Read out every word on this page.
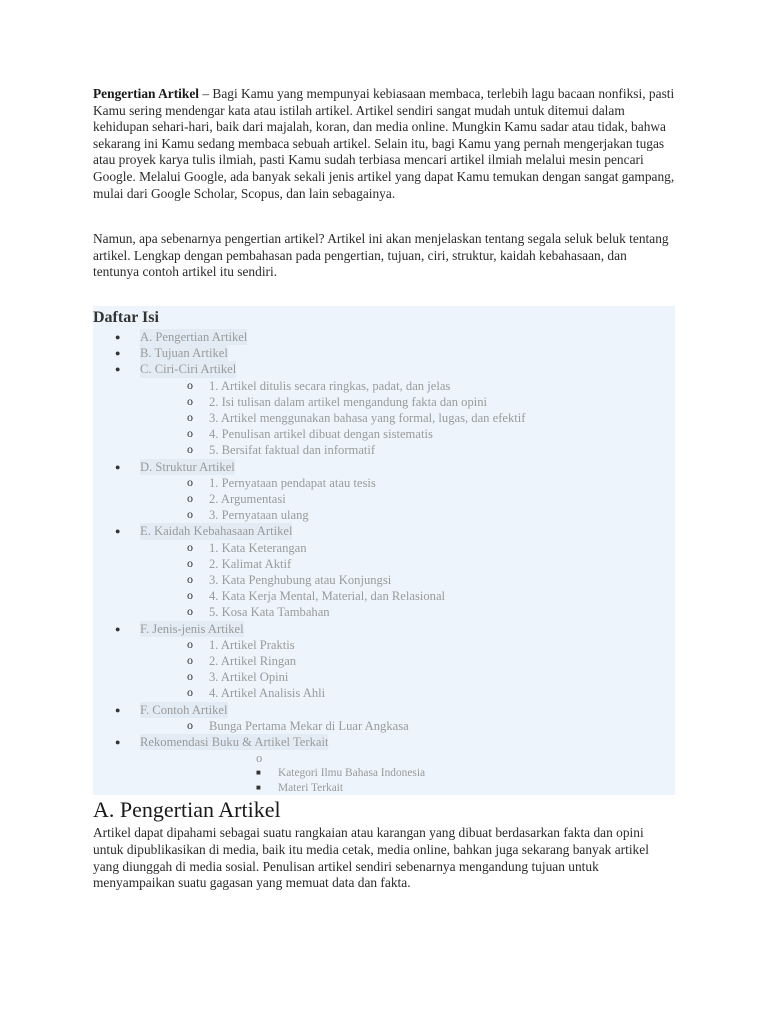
Pengertian Artikel – Bagi Kamu yang mempunyai kebiasaan membaca, terlebih lagu bacaan nonfiksi, pasti Kamu sering mendengar kata atau istilah artikel. Artikel sendiri sangat mudah untuk ditemui dalam kehidupan sehari-hari, baik dari majalah, koran, dan media online. Mungkin Kamu sadar atau tidak, bahwa sekarang ini Kamu sedang membaca sebuah artikel. Selain itu, bagi Kamu yang pernah mengerjakan tugas atau proyek karya tulis ilmiah, pasti Kamu sudah terbiasa mencari artikel ilmiah melalui mesin pencari Google. Melalui Google, ada banyak sekali jenis artikel yang dapat Kamu temukan dengan sangat gampang, mulai dari Google Scholar, Scopus, dan lain sebagainya.

Namun, apa sebenarnya pengertian artikel? Artikel ini akan menjelaskan tentang segala seluk beluk tentang artikel. Lengkap dengan pembahasan pada pengertian, tujuan, ciri, struktur, kaidah kebahasaan, dan tentunya contoh artikel itu sendiri.

Daftar Isi
● A. Pengertian Artikel
● B. Tujuan Artikel
● C. Ciri-Ciri Artikel
o 1. Artikel ditulis secara ringkas, padat, dan jelas
o 2. Isi tulisan dalam artikel mengandung fakta dan opini
o 3. Artikel menggunakan bahasa yang formal, lugas, dan efektif
o 4. Penulisan artikel dibuat dengan sistematis
o 5. Bersifat faktual dan informatif
● D. Struktur Artikel
o 1. Pernyataan pendapat atau tesis
o 2. Argumentasi
o 3. Pernyataan ulang
● E. Kaidah Kebahasaan Artikel
o 1. Kata Keterangan
o 2. Kalimat Aktif
o 3. Kata Penghubung atau Konjungsi
o 4. Kata Kerja Mental, Material, dan Relasional
o 5. Kosa Kata Tambahan
● F. Jenis-jenis Artikel
o 1. Artikel Praktis
o 2. Artikel Ringan
o 3. Artikel Opini
o 4. Artikel Analisis Ahli
● F. Contoh Artikel
o Bunga Pertama Mekar di Luar Angkasa
● Rekomendasi Buku & Artikel Terkait
o
■ Kategori Ilmu Bahasa Indonesia
■ Materi Terkait
A. Pengertian Artikel

Artikel dapat dipahami sebagai suatu rangkaian atau karangan yang dibuat berdasarkan fakta dan opini untuk dipublikasikan di media, baik itu media cetak, media online, bahkan juga sekarang banyak artikel yang diunggah di media sosial. Penulisan artikel sendiri sebenarnya mengandung tujuan untuk menyampaikan suatu gagasan yang memuat data dan fakta.
